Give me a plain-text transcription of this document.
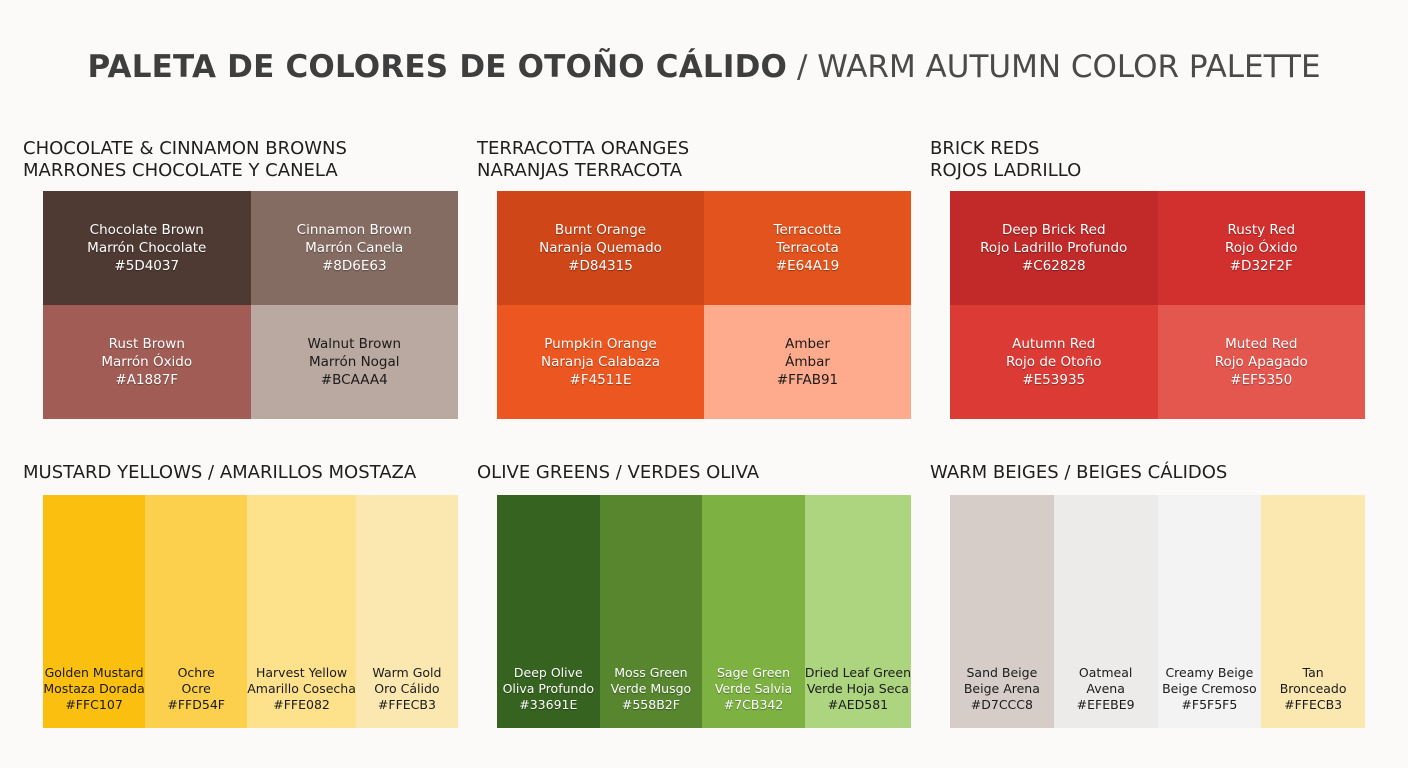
PALETA DE COLORES DE OTOÑO CÁLIDO / WARM AUTUMN COLOR PALETTE
CHOCOLATE & CINNAMON BROWNS
MARRONES CHOCOLATE Y CANELA
Chocolate Brown
Marrón Chocolate
#5D4037
Cinnamon Brown
Marrón Canela
#8D6E63
Rust Brown
Marrón Óxido
#A1887F
Walnut Brown
Marrón Nogal
#BCAAA4
TERRACOTTA ORANGES
NARANJAS TERRACOTA
Burnt Orange
Naranja Quemado
#D84315
Terracotta
Terracota
#E64A19
Pumpkin Orange
Naranja Calabaza
#F4511E
Amber
Ámbar
#FFAB91
BRICK REDS
ROJOS LADRILLO
Deep Brick Red
Rojo Ladrillo Profundo
#C62828
Rusty Red
Rojo Óxido
#D32F2F
Autumn Red
Rojo de Otoño
#E53935
Muted Red
Rojo Apagado
#EF5350
MUSTARD YELLOWS / AMARILLOS MOSTAZA
Golden Mustard
Mostaza Dorada
#FFC107
Ochre
Ocre
#FFD54F
Harvest Yellow
Amarillo Cosecha
#FFE082
Warm Gold
Oro Cálido
#FFECB3
OLIVE GREENS / VERDES OLIVA
Deep Olive
Oliva Profundo
#33691E
Moss Green
Verde Musgo
#558B2F
Sage Green
Verde Salvia
#7CB342
Dried Leaf Green
Verde Hoja Seca
#AED581
WARM BEIGES / BEIGES CÁLIDOS
Sand Beige
Beige Arena
#D7CCC8
Oatmeal
Avena
#EFEBE9
Creamy Beige
Beige Cremoso
#F5F5F5
Tan
Bronceado
#FFECB3
